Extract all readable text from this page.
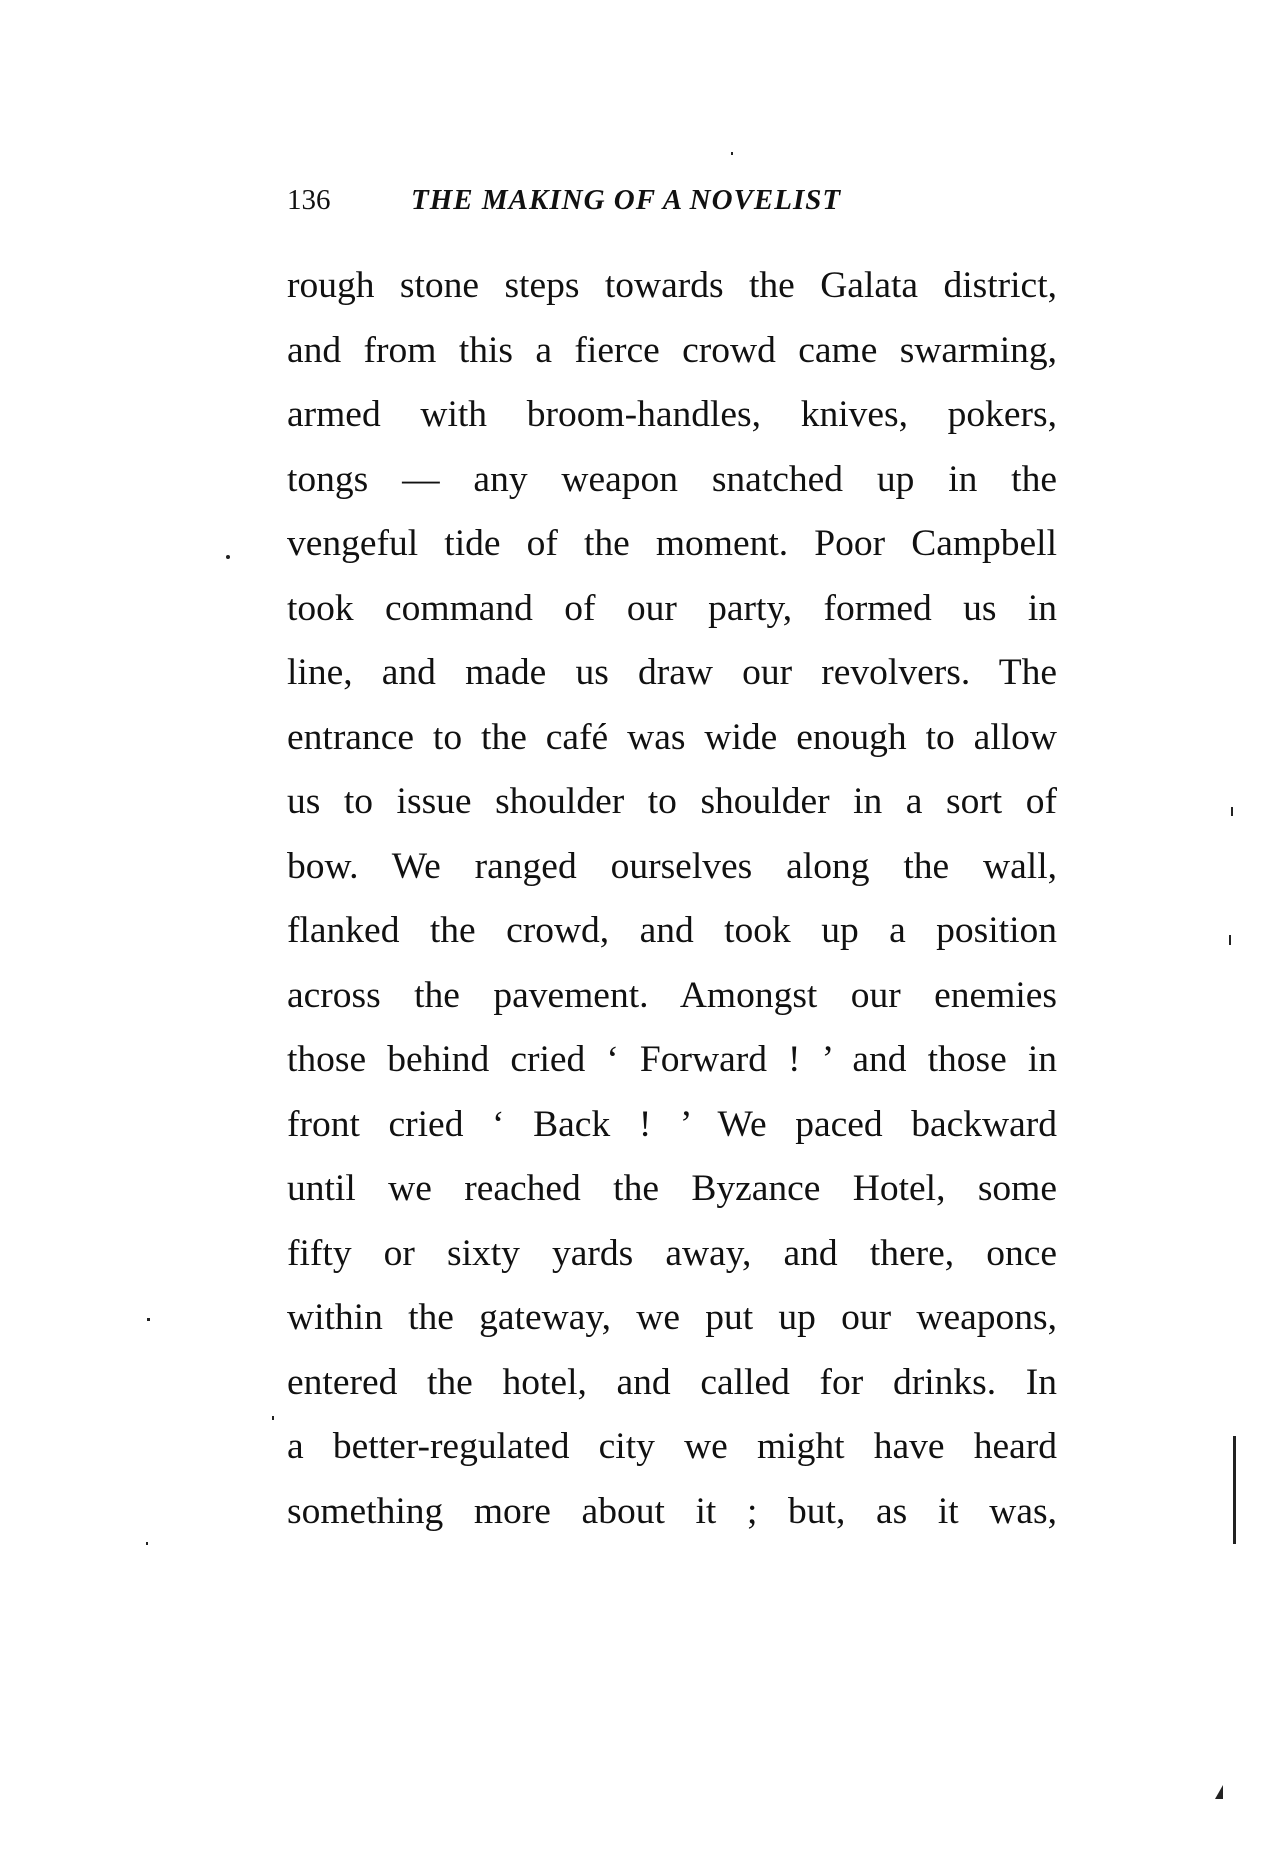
136	THE MAKING OF A NOVELIST
rough stone steps towards the Galata district,
and from this a fierce crowd came swarming,
armed with broom-handles, knives, pokers,
tongs — any weapon snatched up in the
vengeful tide of the moment. Poor Campbell
took command of our party, formed us in
line, and made us draw our revolvers. The
entrance to the café was wide enough to allow
us to issue shoulder to shoulder in a sort of
bow. We ranged ourselves along the wall,
flanked the crowd, and took up a position
across the pavement. Amongst our enemies
those behind cried ‘ Forward ! ’ and those in
front cried ‘ Back ! ’ We paced backward
until we reached the Byzance Hotel, some
fifty or sixty yards away, and there, once
within the gateway, we put up our weapons,
entered the hotel, and called for drinks. In
a better-regulated city we might have heard
something more about it ; but, as it was,
